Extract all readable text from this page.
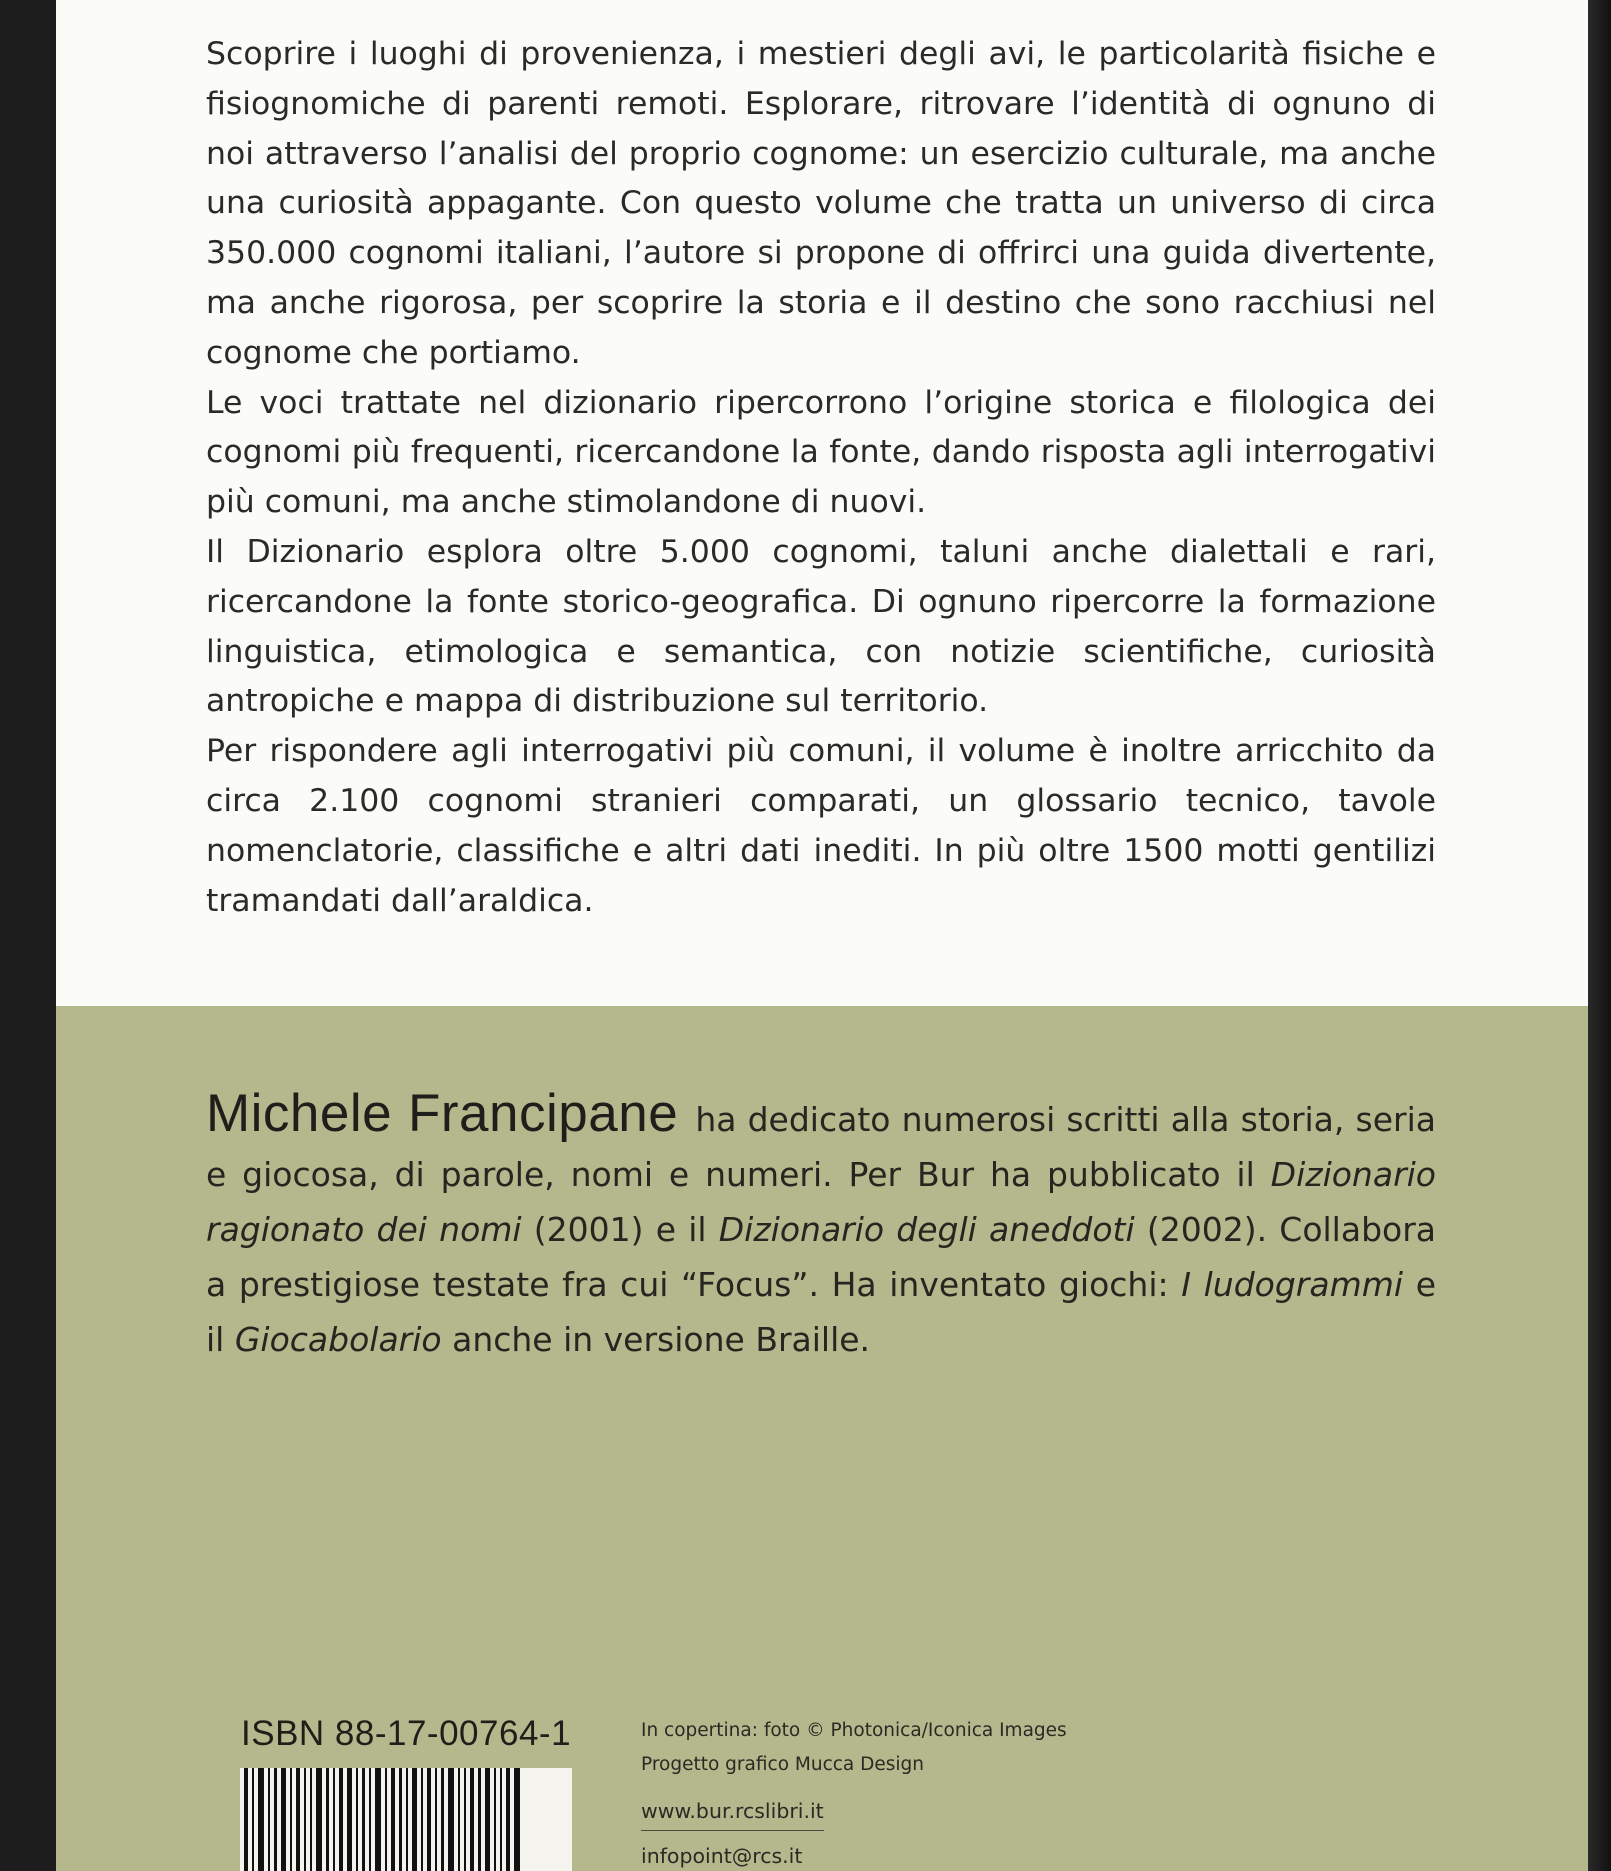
Scoprire i luoghi di provenienza, i mestieri degli avi, le particolarità fisiche e fisiognomiche di parenti remoti. Esplorare, ritrovare l’identità di ognuno di noi attraverso l’analisi del proprio cognome: un esercizio culturale, ma anche una curiosità appagante. Con questo volume che tratta un universo di circa 350.000 cognomi italiani, l’autore si propone di offrirci una guida divertente, ma anche rigorosa, per scoprire la storia e il destino che sono racchiusi nel cognome che portiamo.

Le voci trattate nel dizionario ripercorrono l’origine storica e filologica dei cognomi più frequenti, ricercandone la fonte, dando risposta agli interrogativi più comuni, ma anche stimolandone di nuovi.

Il Dizionario esplora oltre 5.000 cognomi, taluni anche dialettali e rari, ricercandone la fonte storico-geografica. Di ognuno ripercorre la formazione linguistica, etimologica e semantica, con notizie scientifiche, curiosità antropiche e mappa di distribuzione sul territorio.

Per rispondere agli interrogativi più comuni, il volume è inoltre arricchito da circa 2.100 cognomi stranieri comparati, un glossario tecnico, tavole nomenclatorie, classifiche e altri dati inediti. In più oltre 1500 motti gentilizi tramandati dall’araldica.

Michele Francipane ha dedicato numerosi scritti alla storia, seria e giocosa, di parole, nomi e numeri. Per Bur ha pubblicato il Dizionario ragionato dei nomi (2001) e il Dizionario degli aneddoti (2002). Collabora a prestigiose testate fra cui “Focus”. Ha inventato giochi: I ludogrammi e il Giocabolario anche in versione Braille.
ISBN 88-17-00764-1	In copertina: foto © Photonica/Iconica Images
Progetto grafico Mucca Design
www.bur.rcslibri.it
infopoint@rcs.it
